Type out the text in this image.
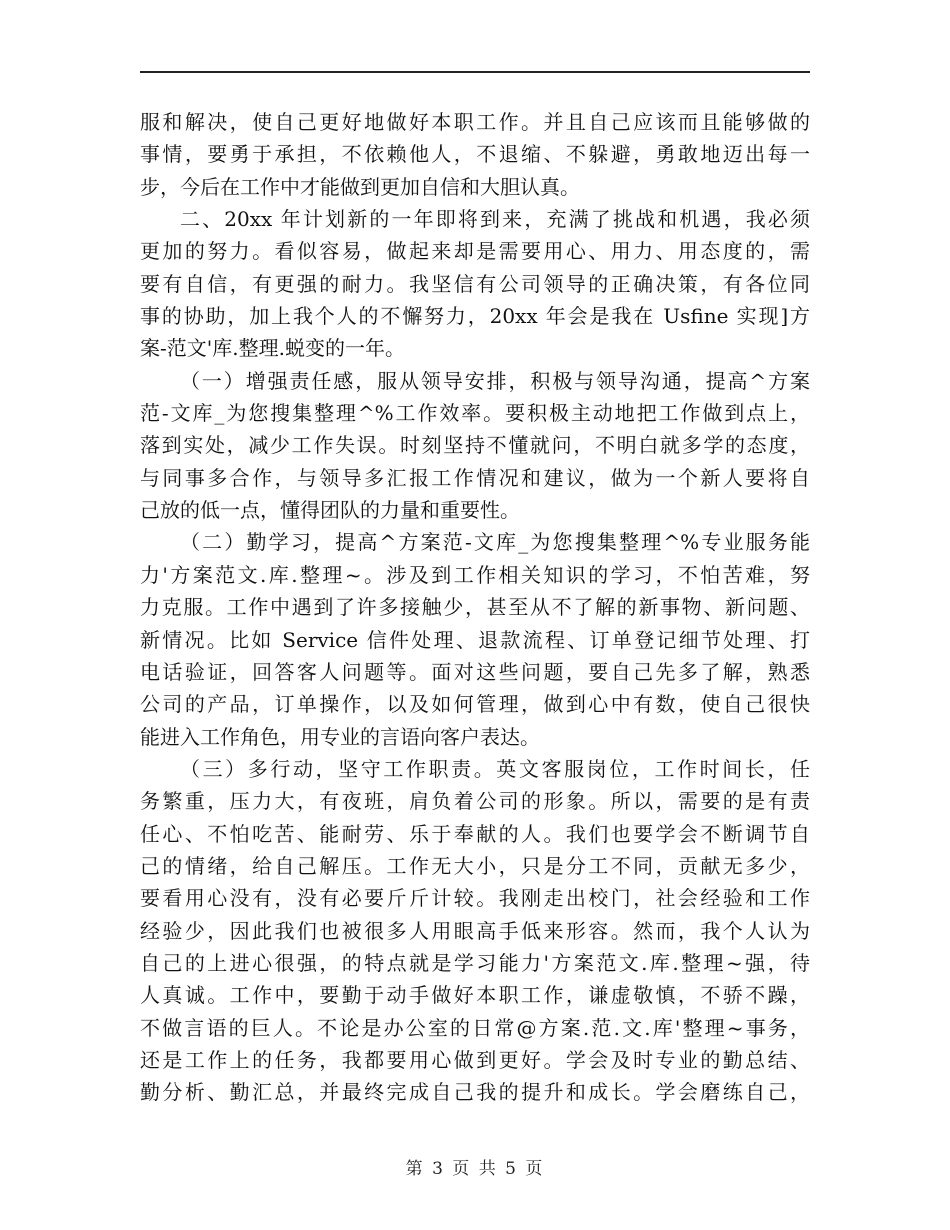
服和解决，使自己更好地做好本职工作。并且自己应该而且能够做的
事情，要勇于承担，不依赖他人，不退缩、不躲避，勇敢地迈出每一
步，今后在工作中才能做到更加自信和大胆认真。
二、20xx 年计划新的一年即将到来，充满了挑战和机遇，我必须
更加的努力。看似容易，做起来却是需要用心、用力、用态度的，需
要有自信，有更强的耐力。我坚信有公司领导的正确决策，有各位同
事的协助，加上我个人的不懈努力，20xx 年会是我在 Usfine 实现]方
案-范文'库.整理.蜕变的一年。
（一）增强责任感，服从领导安排，积极与领导沟通，提高^方案
范-文库_为您搜集整理^%工作效率。要积极主动地把工作做到点上，
落到实处，减少工作失误。时刻坚持不懂就问，不明白就多学的态度，
与同事多合作，与领导多汇报工作情况和建议，做为一个新人要将自
己放的低一点，懂得团队的力量和重要性。
（二）勤学习，提高^方案范-文库_为您搜集整理^%专业服务能
力'方案范文.库.整理~。涉及到工作相关知识的学习，不怕苦难，努
力克服。工作中遇到了许多接触少，甚至从不了解的新事物、新问题、
新情况。比如 Service 信件处理、退款流程、订单登记细节处理、打
电话验证，回答客人问题等。面对这些问题，要自己先多了解，熟悉
公司的产品，订单操作，以及如何管理，做到心中有数，使自己很快
能进入工作角色，用专业的言语向客户表达。
（三）多行动，坚守工作职责。英文客服岗位，工作时间长，任
务繁重，压力大，有夜班，肩负着公司的形象。所以，需要的是有责
任心、不怕吃苦、能耐劳、乐于奉献的人。我们也要学会不断调节自
己的情绪，给自己解压。工作无大小，只是分工不同，贡献无多少，
要看用心没有，没有必要斤斤计较。我刚走出校门，社会经验和工作
经验少，因此我们也被很多人用眼高手低来形容。然而，我个人认为
自己的上进心很强，的特点就是学习能力'方案范文.库.整理~强，待
人真诚。工作中，要勤于动手做好本职工作，谦虚敬慎，不骄不躁，
不做言语的巨人。不论是办公室的日常@方案.范.文.库'整理~事务，
还是工作上的任务，我都要用心做到更好。学会及时专业的勤总结、
勤分析、勤汇总，并最终完成自己我的提升和成长。学会磨练自己，
第 3 页 共 5 页
